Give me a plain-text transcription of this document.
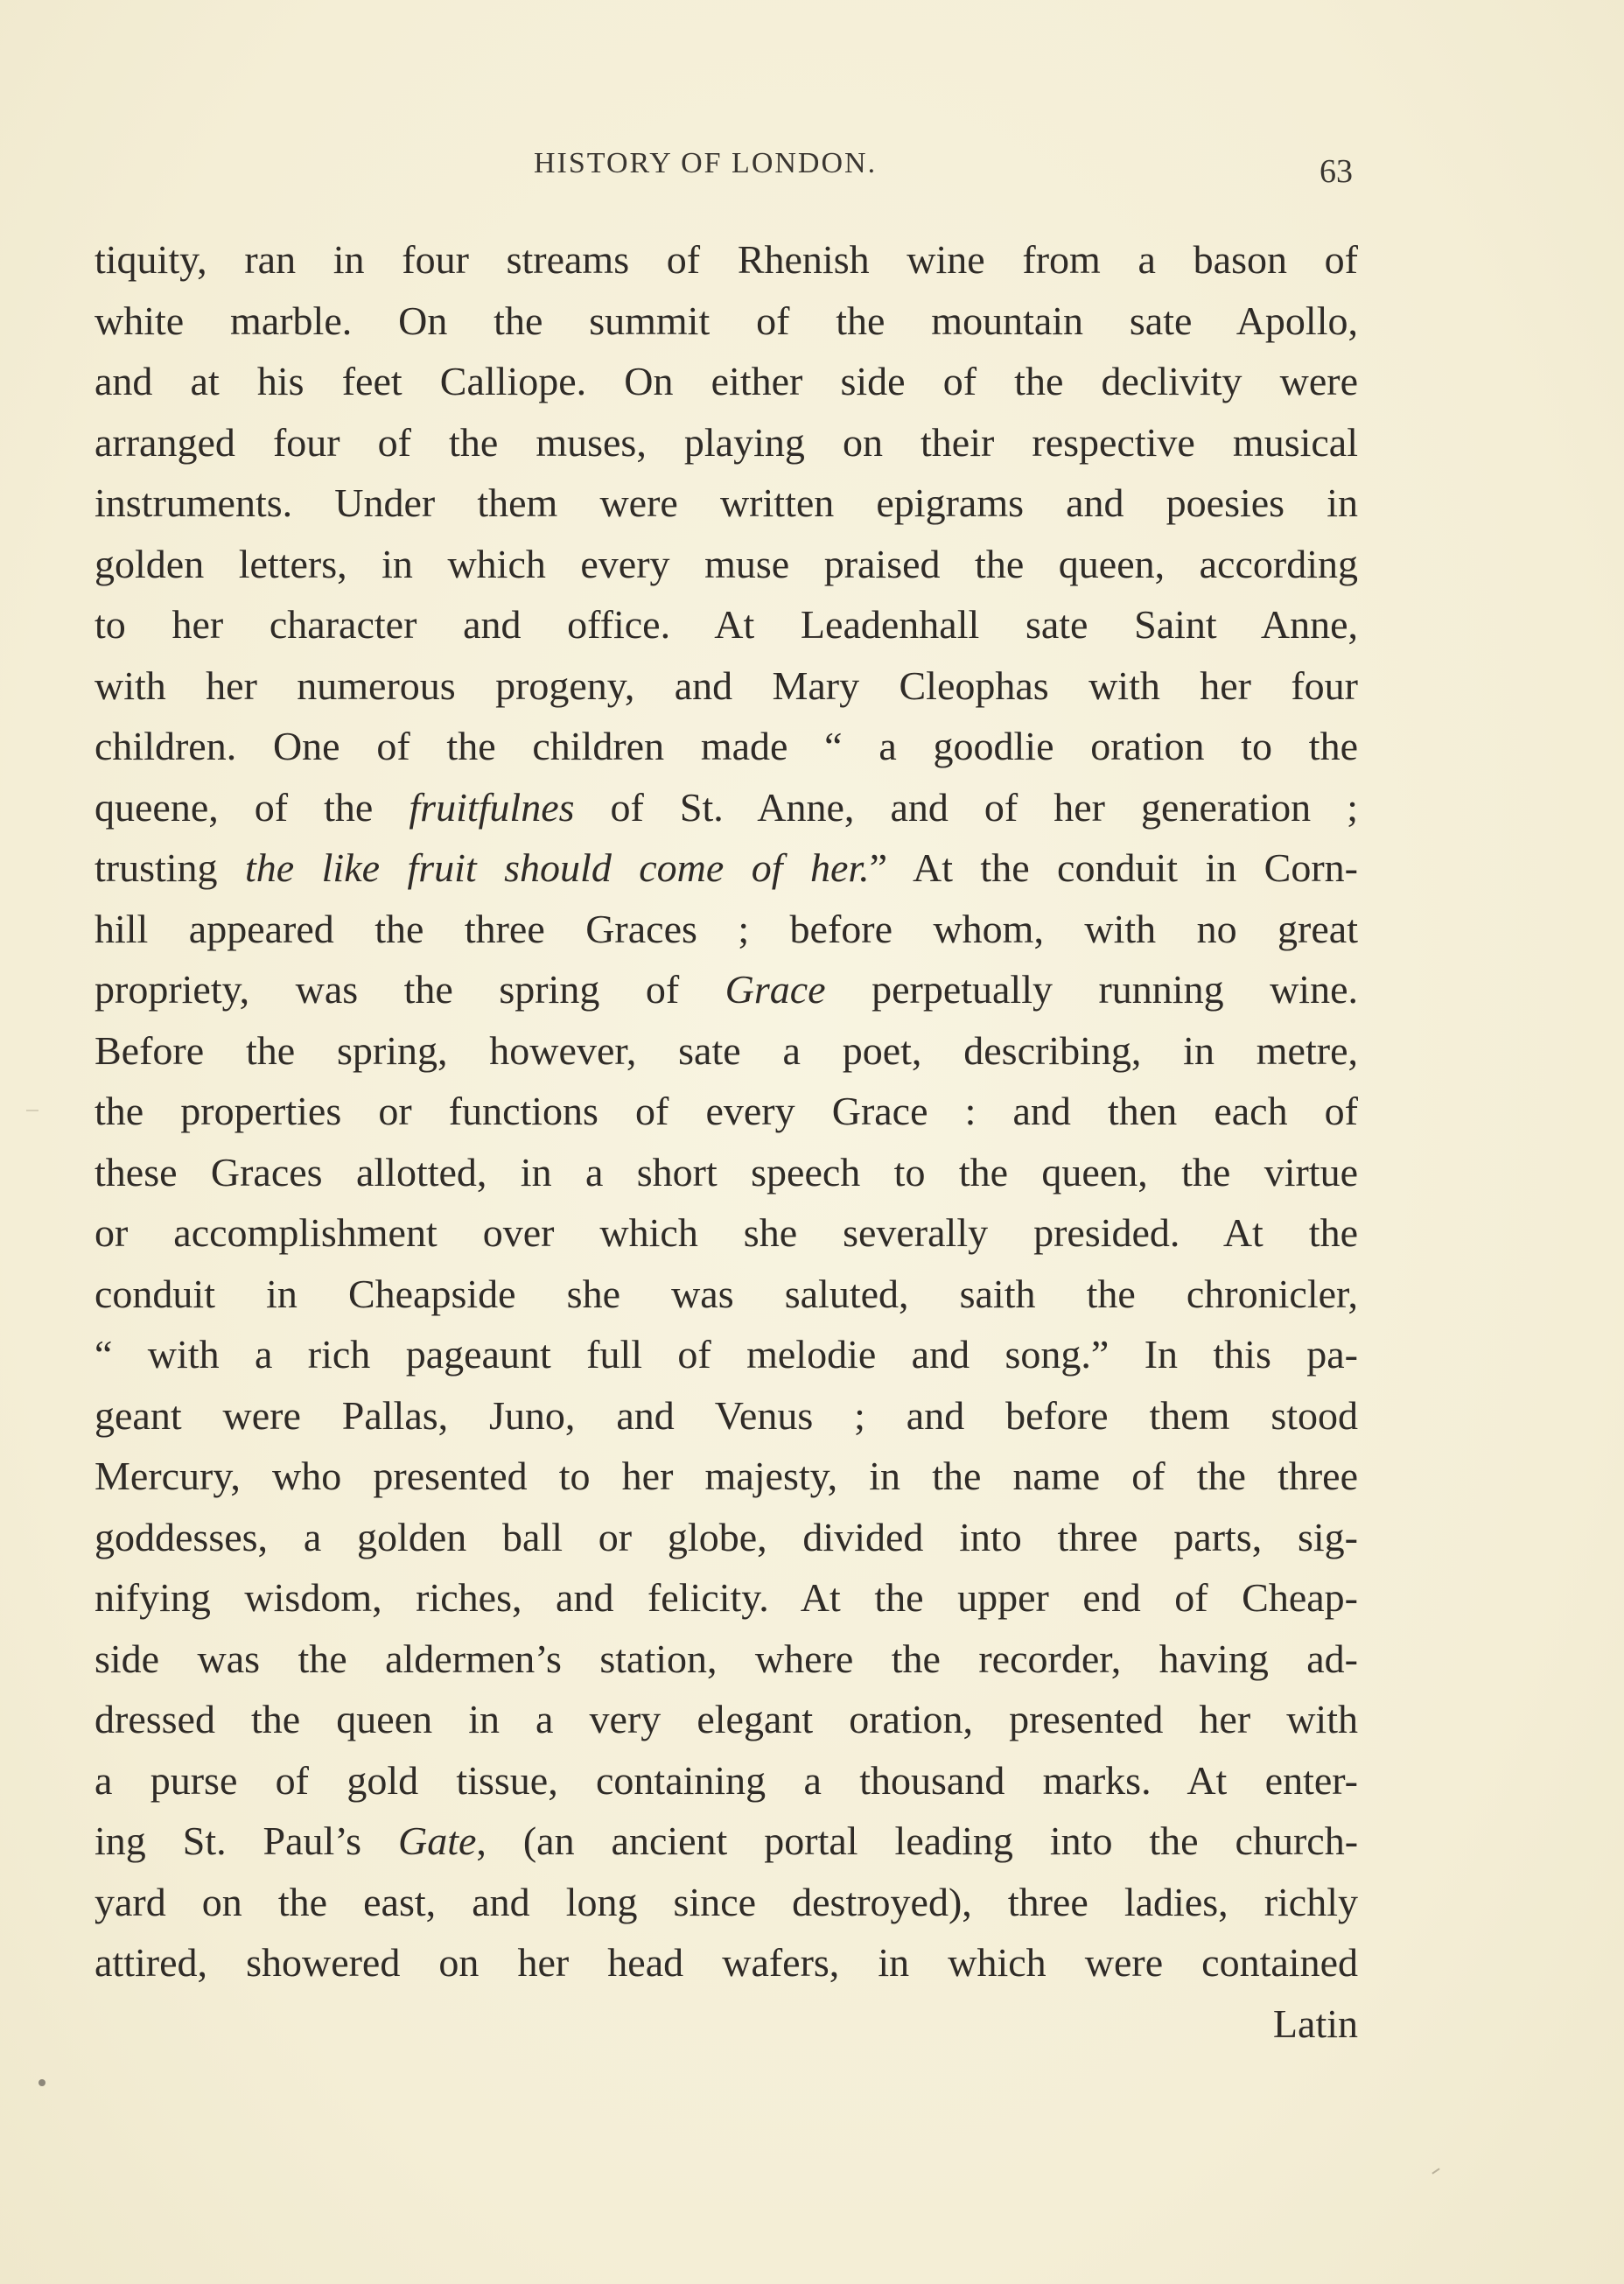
HISTORY OF LONDON.	63
tiquity, ran in four streams of Rhenish wine from a bason of
white marble. On the summit of the mountain sate Apollo,
and at his feet Calliope. On either side of the declivity were
arranged four of the muses, playing on their respective musical
instruments. Under them were written epigrams and poesies in
golden letters, in which every muse praised the queen, according
to her character and office. At Leadenhall sate Saint Anne,
with her numerous progeny, and Mary Cleophas with her four
children. One of the children made “ a goodlie oration to the
queene, of the fruitfulnes of St. Anne, and of her generation ;
trusting the like fruit should come of her.” At the conduit in Corn-
hill appeared the three Graces ; before whom, with no great
propriety, was the spring of Grace perpetually running wine.
Before the spring, however, sate a poet, describing, in metre,
the properties or functions of every Grace : and then each of
these Graces allotted, in a short speech to the queen, the virtue
or accomplishment over which she severally presided. At the
conduit in Cheapside she was saluted, saith the chronicler,
“ with a rich pageaunt full of melodie and song.” In this pa-
geant were Pallas, Juno, and Venus ; and before them stood
Mercury, who presented to her majesty, in the name of the three
goddesses, a golden ball or globe, divided into three parts, sig-
nifying wisdom, riches, and felicity. At the upper end of Cheap-
side was the aldermen’s station, where the recorder, having ad-
dressed the queen in a very elegant oration, presented her with
a purse of gold tissue, containing a thousand marks. At enter-
ing St. Paul’s Gate, (an ancient portal leading into the church-
yard on the east, and long since destroyed), three ladies, richly
attired, showered on her head wafers, in which were contained
Latin
